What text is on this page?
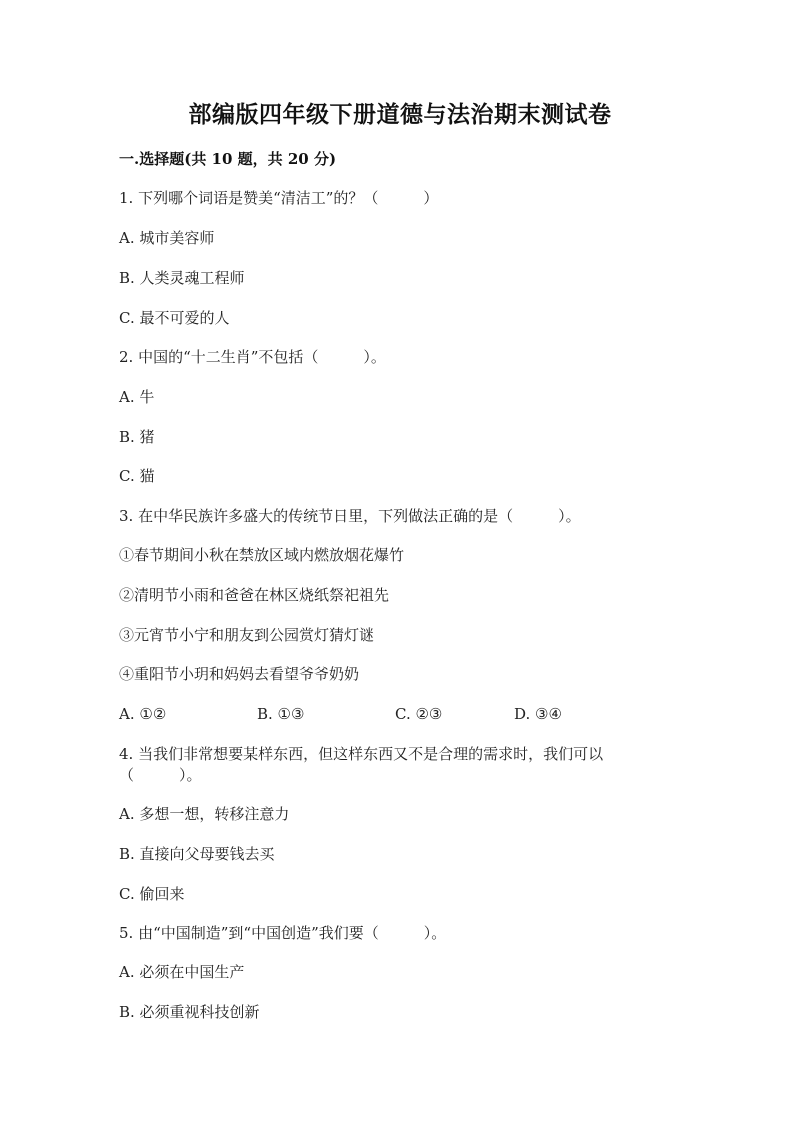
部编版四年级下册道德与法治期末测试卷
一.选择题(共 10 题，共 20 分)
1. 下列哪个词语是赞美“清洁工”的？（　　　）
A. 城市美容师
B. 人类灵魂工程师
C. 最不可爱的人
2. 中国的“十二生肖”不包括（　　　）。
A. 牛
B. 猪
C. 猫
3. 在中华民族许多盛大的传统节日里，下列做法正确的是（　　　）。
①春节期间小秋在禁放区域内燃放烟花爆竹
②清明节小雨和爸爸在林区烧纸祭祀祖先
③元宵节小宁和朋友到公园赏灯猜灯谜
④重阳节小玥和妈妈去看望爷爷奶奶
A. ①②	B. ①③	C. ②③	D. ③④
4. 当我们非常想要某样东西，但这样东西又不是合理的需求时，我们可以
（　　　）。
A. 多想一想，转移注意力
B. 直接向父母要钱去买
C. 偷回来
5. 由“中国制造”到“中国创造”我们要（　　　）。
A. 必须在中国生产
B. 必须重视科技创新
